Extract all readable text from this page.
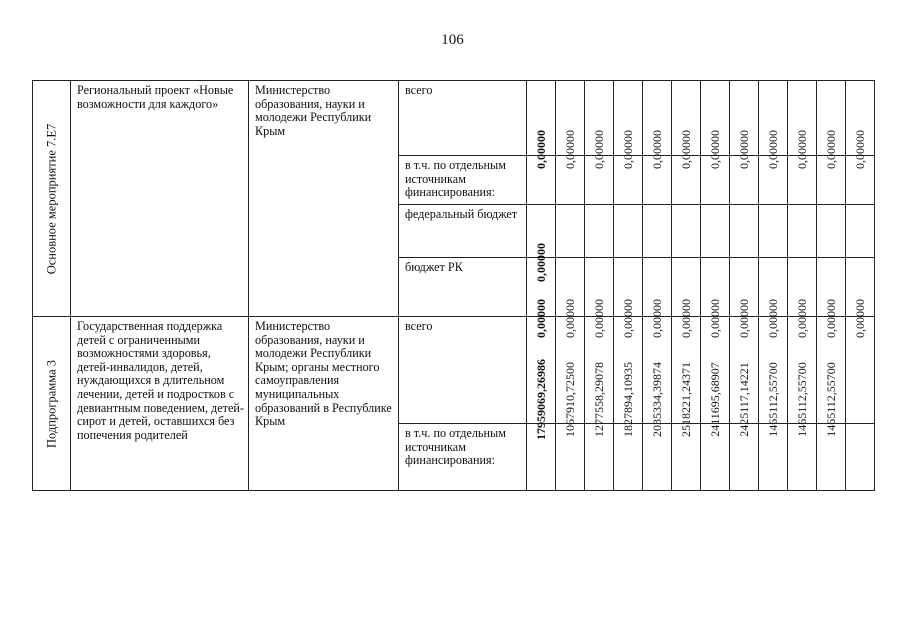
106
Основное мероприятие 7.Е7	Региональный проект «Новые возможности для каждого»	Министерство образования, науки и молодежи Республики Крым	всего	0,00000	0,00000	0,00000	0,00000	0,00000	0,00000	0,00000	0,00000	0,00000	0,00000	0,00000	0,00000

			в т.ч. по отдельным источникам финансирования:												

			федеральный бюджет	0,00000											

			бюджет РК	0,00000	0,00000	0,00000	0,00000	0,00000	0,00000	0,00000	0,00000	0,00000	0,00000	0,00000	0,00000

Подпрограмма 3	Государственная поддержка детей с ограниченными возможностями здоровья, детей-инвалидов, детей, нуждающихся в длительном лечении, детей и подростков с девиантным поведением, детей-сирот и детей, оставшихся без попечения родителей	Министерство образования, науки и молодежи Республики Крым; органы местного самоуправления муниципальных образований в Республике Крым	всего	17959069,26986	1067910,72500	1277558,29078	1827894,10935	2035334,39874	2518221,24371	2411695,68907	2425117,14221	1465112,55700	1465112,55700	1465112,55700	

			в т.ч. по отдельным источникам финансирования:												
